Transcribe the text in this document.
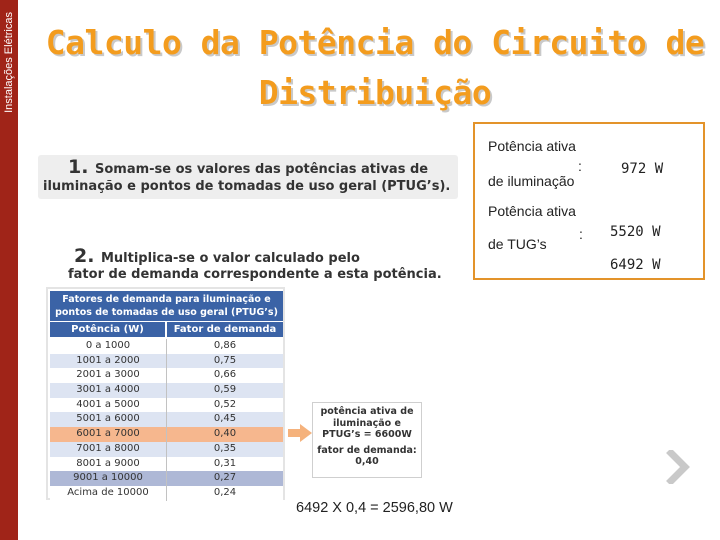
Instalações Elétricas Calculo da Potência do Circuito de
Distribuição
1. Somam-se os valores das potências ativas de
iluminação e pontos de tomadas de uso geral (PTUG’s).
Potência ativa
:
de iluminação
972 W
Potência ativa
de TUG’s
: 5520 W
6492 W
2. Multiplica-se o valor calculado pelo
fator de demanda correspondente a esta potência.
Fatores de demanda para iluminação e
pontos de tomadas de uso geral (PTUG’s)
Potência (W)	Fator de demanda
0 a 1000	0,86
1001 a 2000	0,75
2001 a 3000	0,66
3001 a 4000	0,59
4001 a 5000	0,52
5001 a 6000	0,45
6001 a 7000	0,40
7001 a 8000	0,35
8001 a 9000	0,31
9001 a 10000	0,27
Acima de 10000	0,24
potência ativa de
iluminação e
PTUG’s = 6600W
fator de demanda:
0,40
6492 X 0,4 = 2596,80 W
